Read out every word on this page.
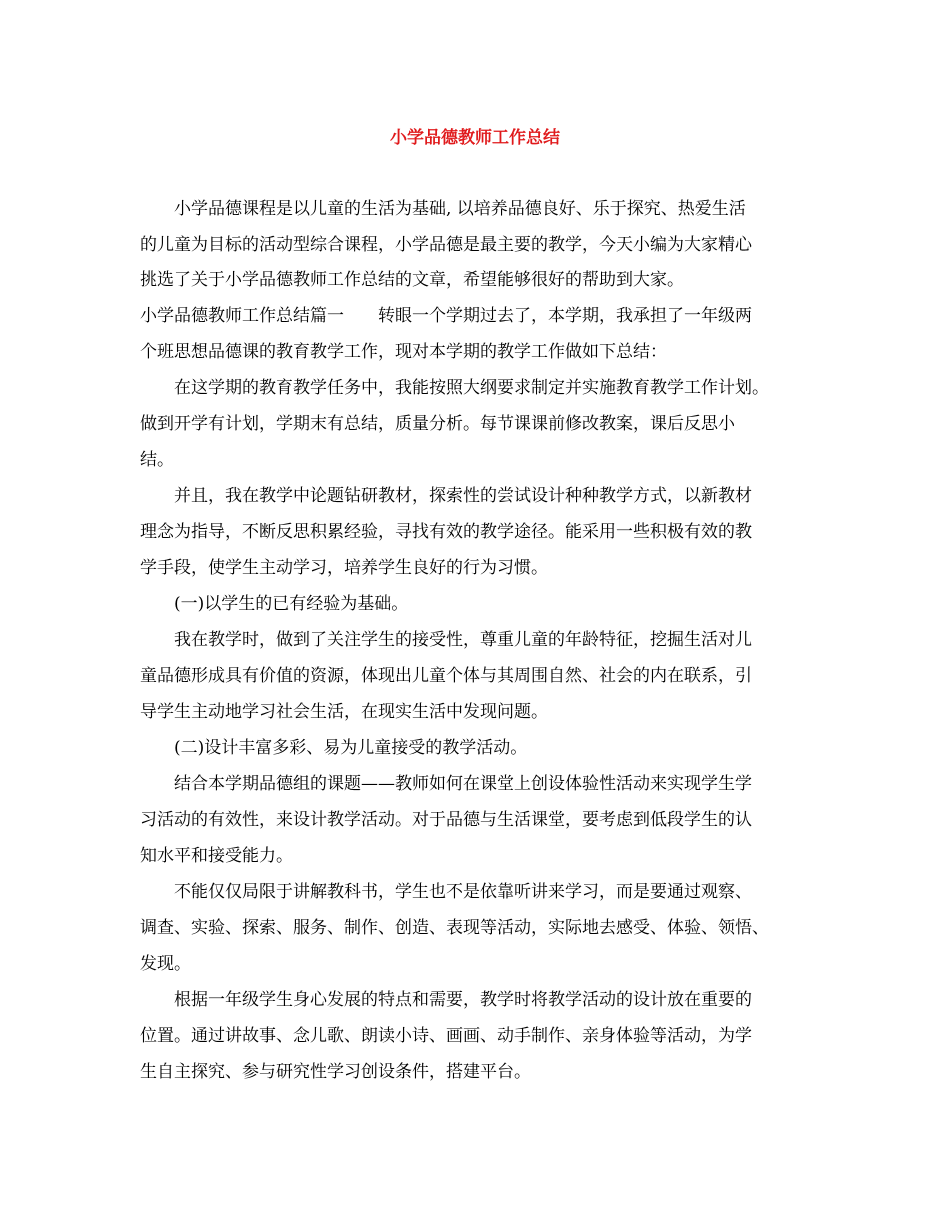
小学品德教师工作总结
　　小学品德课程是以儿童的生活为基础, 以培养品德良好、乐于探究、热爱生活
的儿童为目标的活动型综合课程，小学品德是最主要的教学，今天小编为大家精心
挑选了关于小学品德教师工作总结的文章，希望能够很好的帮助到大家。
小学品德教师工作总结篇一　　转眼一个学期过去了，本学期，我承担了一年级两
个班思想品德课的教育教学工作，现对本学期的教学工作做如下总结：
　　在这学期的教育教学任务中，我能按照大纲要求制定并实施教育教学工作计划。
做到开学有计划，学期末有总结，质量分析。每节课课前修改教案，课后反思小
结。
　　并且，我在教学中论题钻研教材，探索性的尝试设计种种教学方式，以新教材
理念为指导，不断反思积累经验，寻找有效的教学途径。能采用一些积极有效的教
学手段，使学生主动学习，培养学生良好的行为习惯。
　　(一)以学生的已有经验为基础。
　　我在教学时，做到了关注学生的接受性，尊重儿童的年龄特征，挖掘生活对儿
童品德形成具有价值的资源，体现出儿童个体与其周围自然、社会的内在联系，引
导学生主动地学习社会生活，在现实生活中发现问题。
　　(二)设计丰富多彩、易为儿童接受的教学活动。
　　结合本学期品德组的课题——教师如何在课堂上创设体验性活动来实现学生学
习活动的有效性，来设计教学活动。对于品德与生活课堂，要考虑到低段学生的认
知水平和接受能力。
　　不能仅仅局限于讲解教科书，学生也不是依靠听讲来学习，而是要通过观察、
调查、实验、探索、服务、制作、创造、表现等活动，实际地去感受、体验、领悟、
发现。
　　根据一年级学生身心发展的特点和需要，教学时将教学活动的设计放在重要的
位置。通过讲故事、念儿歌、朗读小诗、画画、动手制作、亲身体验等活动，为学
生自主探究、参与研究性学习创设条件，搭建平台。
